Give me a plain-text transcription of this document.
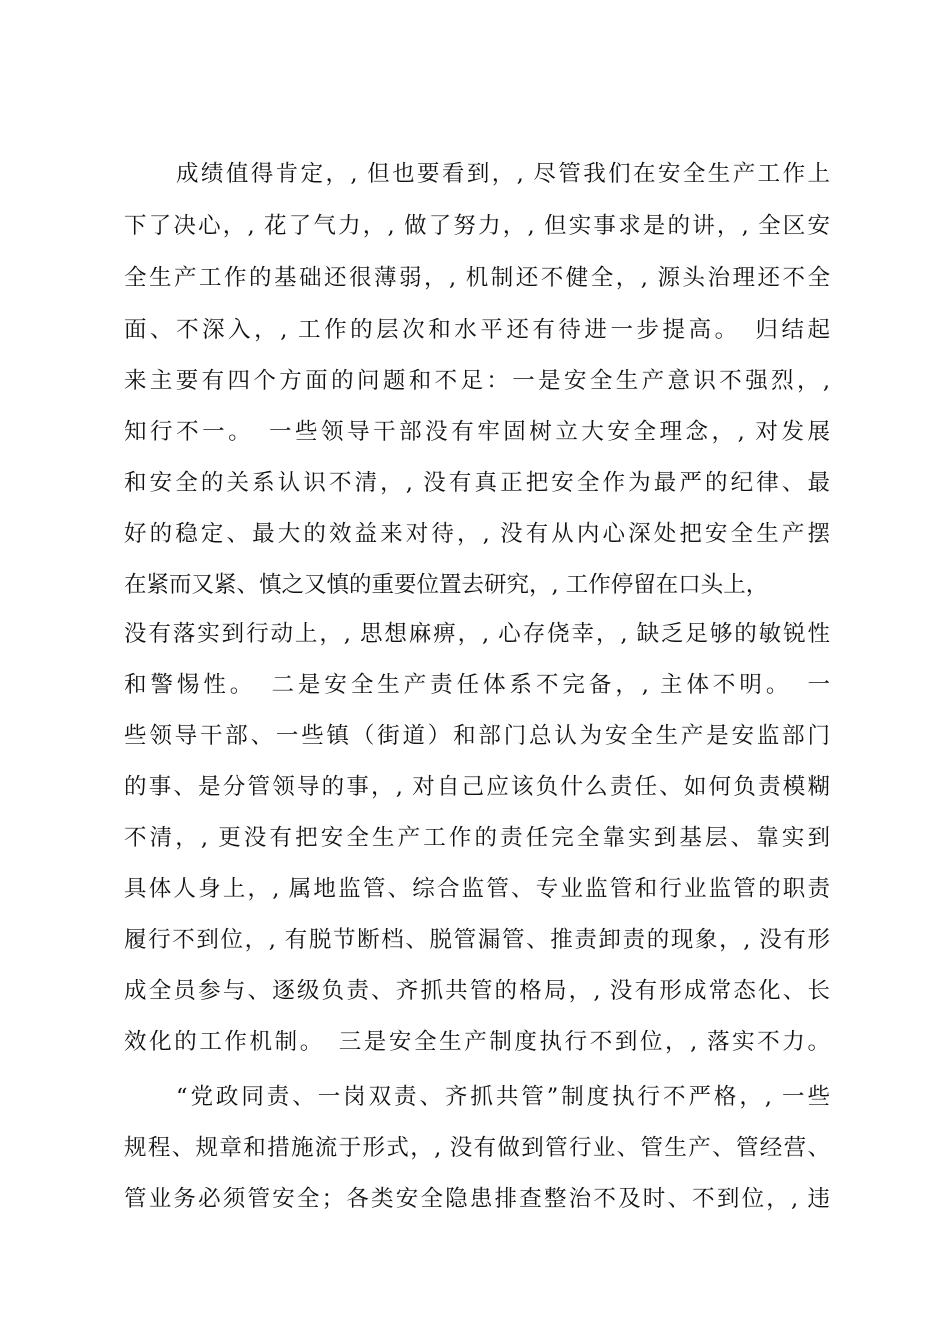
成绩值得肯定，, 但也要看到，, 尽管我们在安全生产工作上
下了决心，, 花了气力，, 做了努力，, 但实事求是的讲，, 全区安
全生产工作的基础还很薄弱，, 机制还不健全，, 源头治理还不全
面、不深入，, 工作的层次和水平还有待进一步提高。　归结起
来主要有四个方面的问题和不足：一是安全生产意识不强烈，,
知行不一。　一些领导干部没有牢固树立大安全理念，, 对发展
和安全的关系认识不清，, 没有真正把安全作为最严的纪律、最
好的稳定、最大的效益来对待，, 没有从内心深处把安全生产摆
在紧而又紧、慎之又慎的重要位置去研究，, 工作停留在口头上，
没有落实到行动上，, 思想麻痹，, 心存侥幸，, 缺乏足够的敏锐性
和警惕性。　二是安全生产责任体系不完备，, 主体不明。　一
些领导干部、一些镇（街道）和部门总认为安全生产是安监部门
的事、是分管领导的事，, 对自己应该负什么责任、如何负责模糊
不清，, 更没有把安全生产工作的责任完全靠实到基层、靠实到
具体人身上，, 属地监管、综合监管、专业监管和行业监管的职责
履行不到位，, 有脱节断档、脱管漏管、推责卸责的现象，, 没有形
成全员参与、逐级负责、齐抓共管的格局，, 没有形成常态化、长
效化的工作机制。　三是安全生产制度执行不到位，, 落实不力。
“党政同责、一岗双责、齐抓共管”制度执行不严格，, 一些
规程、规章和措施流于形式，, 没有做到管行业、管生产、管经营、
管业务必须管安全；各类安全隐患排查整治不及时、不到位，, 违
